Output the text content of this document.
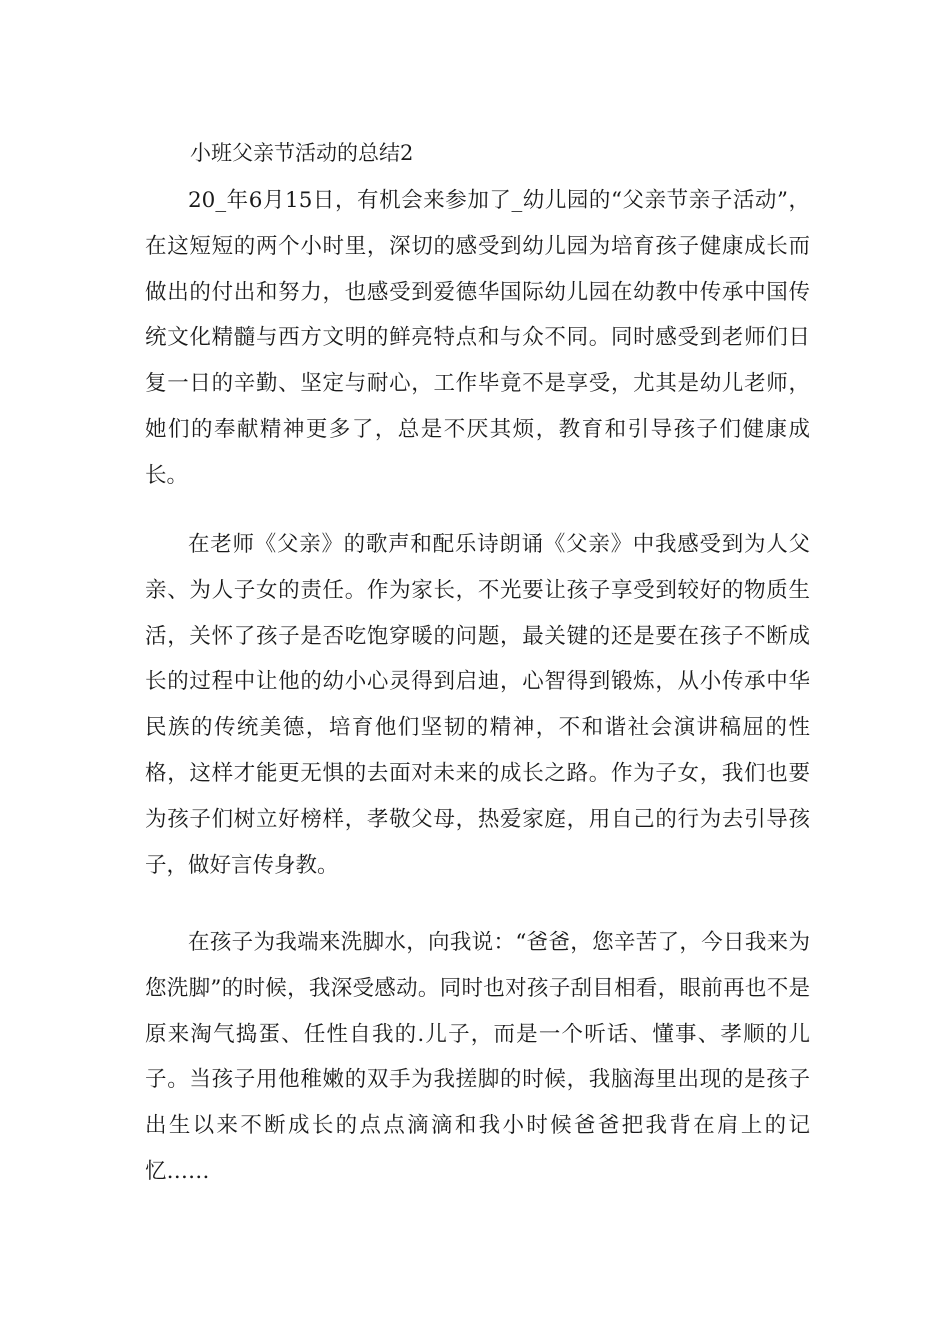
小班父亲节活动的总结2

20_年6月15日，有机会来参加了_幼儿园的“父亲节亲子活动”，在这短短的两个小时里，深切的感受到幼儿园为培育孩子健康成长而做出的付出和努力，也感受到爱德华国际幼儿园在幼教中传承中国传统文化精髓与西方文明的鲜亮特点和与众不同。同时感受到老师们日复一日的辛勤、坚定与耐心，工作毕竟不是享受，尤其是幼儿老师，她们的奉献精神更多了，总是不厌其烦，教育和引导孩子们健康成长。

在老师《父亲》的歌声和配乐诗朗诵《父亲》中我感受到为人父亲、为人子女的责任。作为家长，不光要让孩子享受到较好的物质生活，关怀了孩子是否吃饱穿暖的问题，最关键的还是要在孩子不断成长的过程中让他的幼小心灵得到启迪，心智得到锻炼，从小传承中华民族的传统美德，培育他们坚韧的精神，不和谐社会演讲稿屈的性格，这样才能更无惧的去面对未来的成长之路。作为子女，我们也要为孩子们树立好榜样，孝敬父母，热爱家庭，用自己的行为去引导孩子，做好言传身教。

在孩子为我端来洗脚水，向我说：“爸爸，您辛苦了，今日我来为您洗脚”的时候，我深受感动。同时也对孩子刮目相看，眼前再也不是原来淘气捣蛋、任性自我的.儿子，而是一个听话、懂事、孝顺的儿子。当孩子用他稚嫩的双手为我搓脚的时候，我脑海里出现的是孩子出生以来不断成长的点点滴滴和我小时候爸爸把我背在肩上的记忆……
